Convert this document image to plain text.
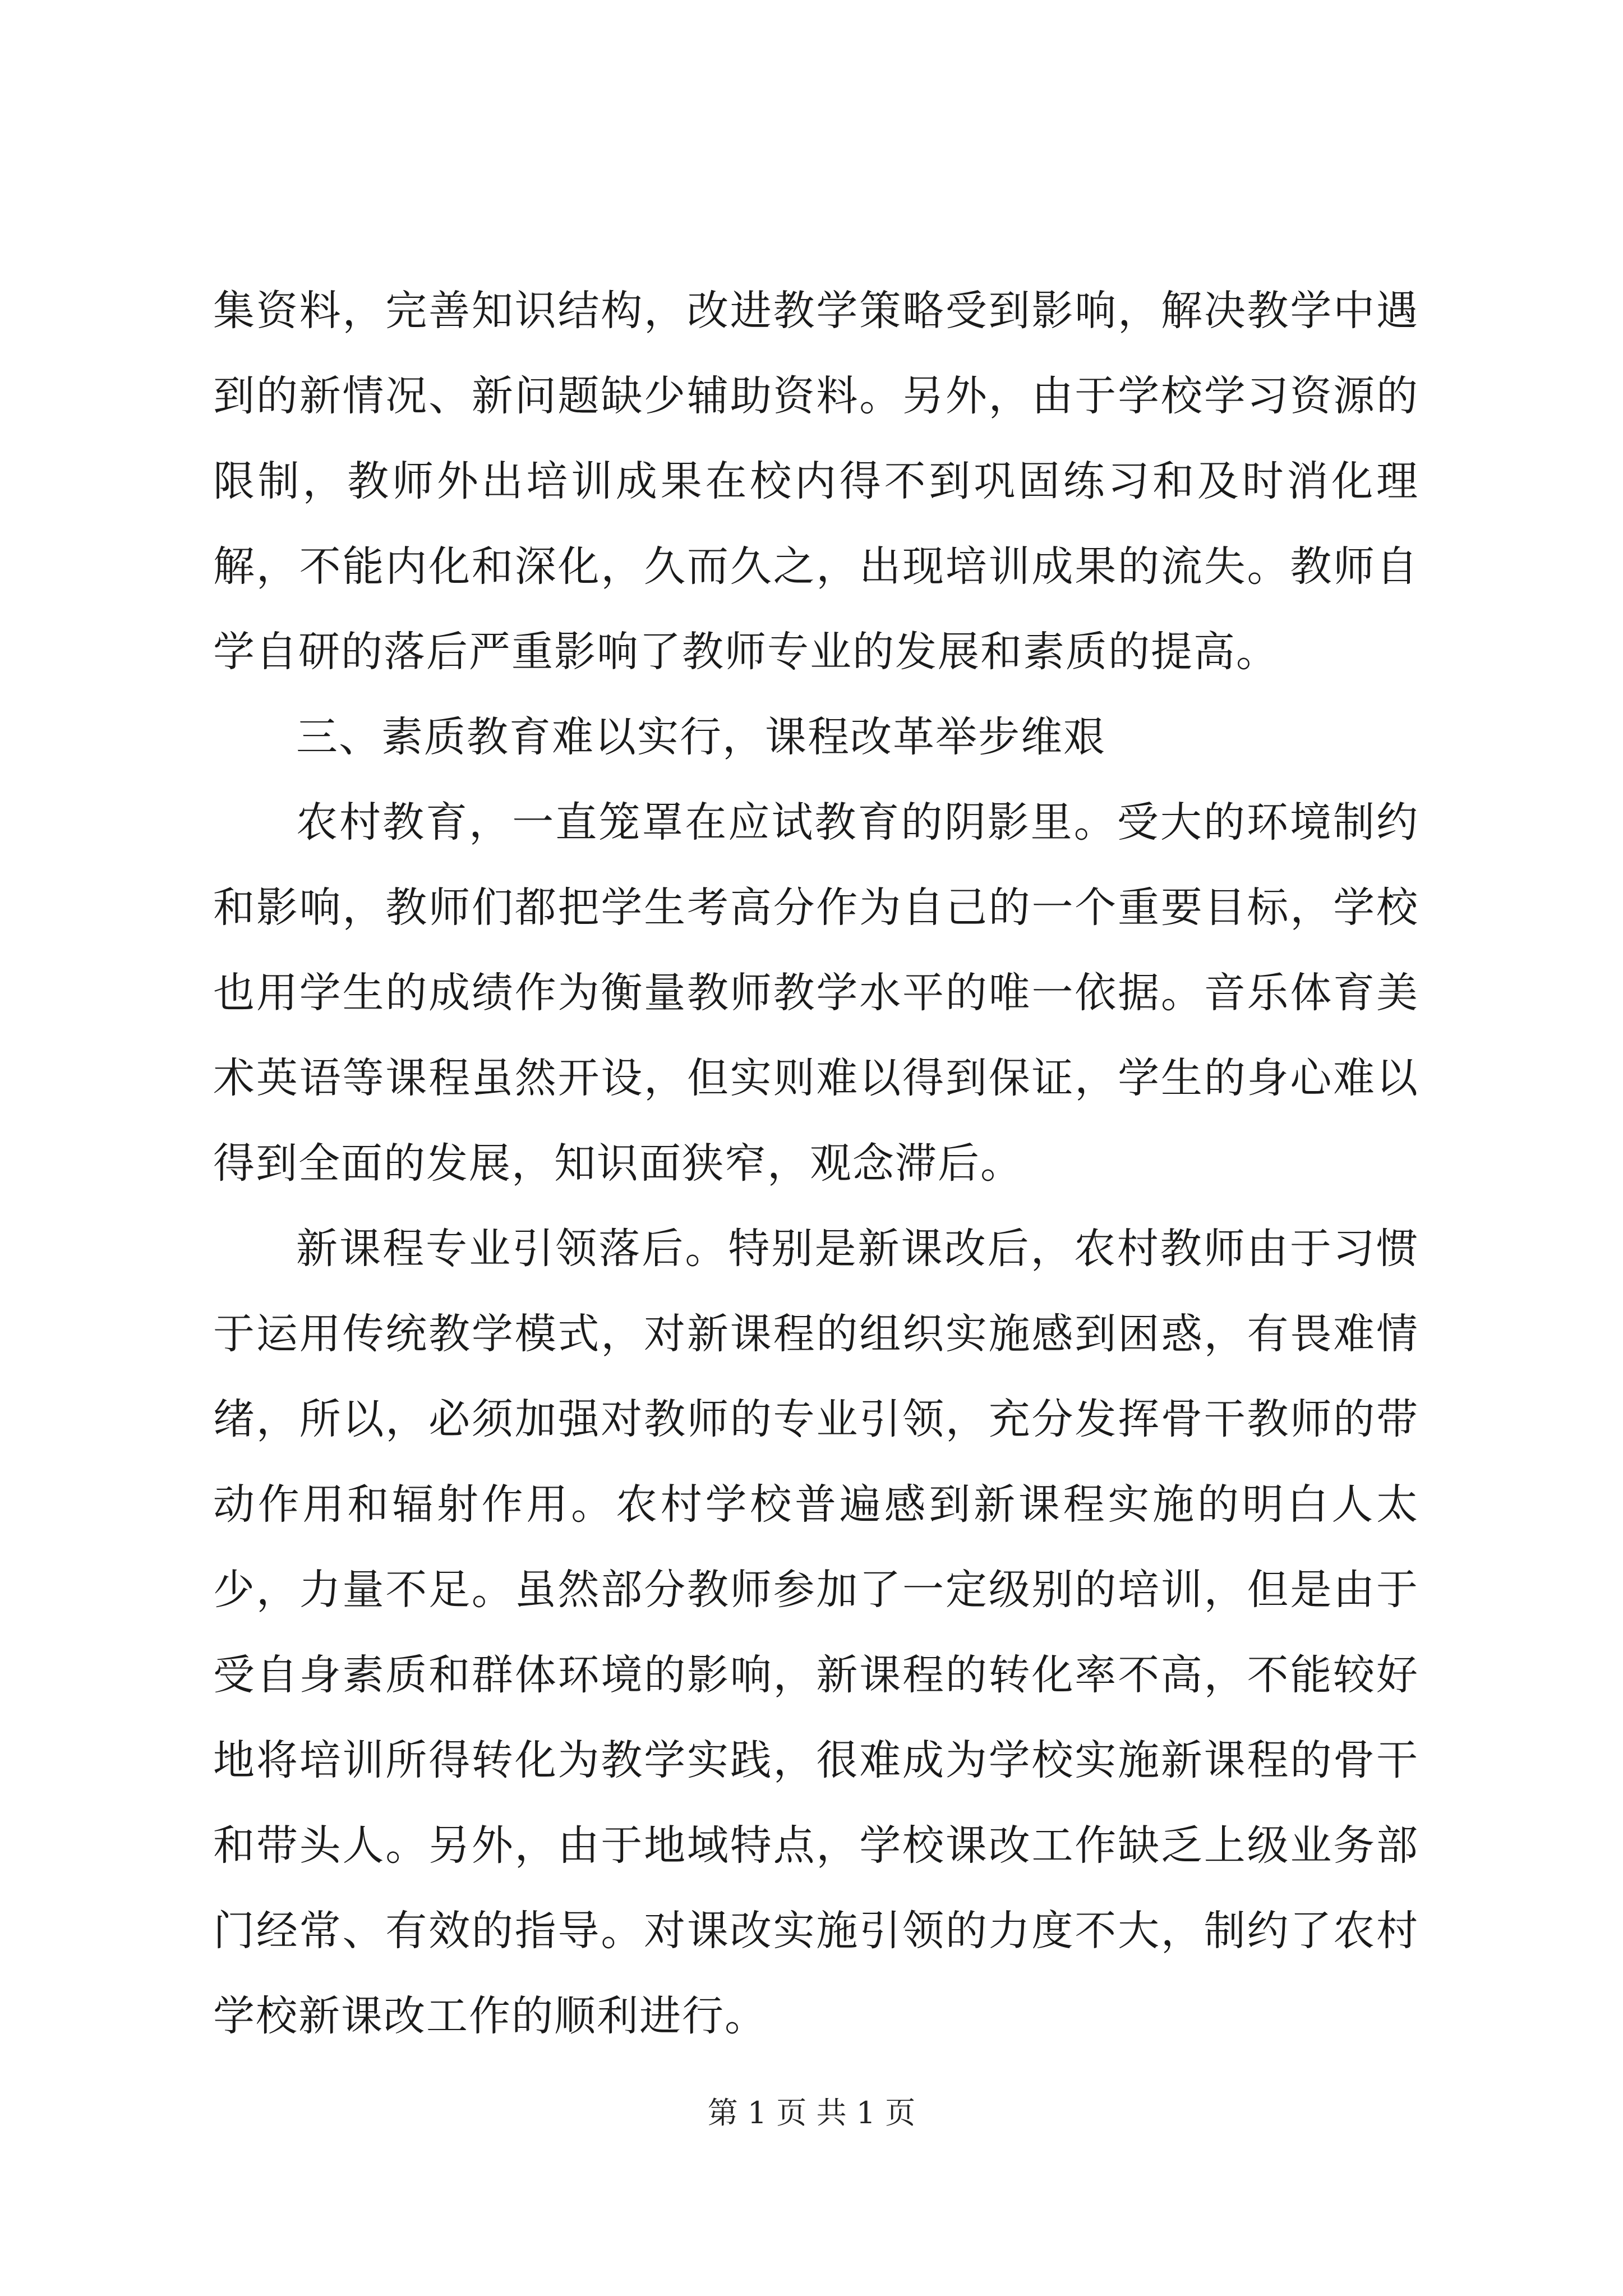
集资料，完善知识结构，改进教学策略受到影响，解决教学中遇到的新情况、新问题缺少辅助资料。另外，由于学校学习资源的限制，教师外出培训成果在校内得不到巩固练习和及时消化理解，不能内化和深化，久而久之，出现培训成果的流失。教师自学自研的落后严重影响了教师专业的发展和素质的提高。

三、素质教育难以实行，课程改革举步维艰

农村教育，一直笼罩在应试教育的阴影里。受大的环境制约和影响，教师们都把学生考高分作为自己的一个重要目标，学校也用学生的成绩作为衡量教师教学水平的唯一依据。音乐体育美术英语等课程虽然开设，但实则难以得到保证，学生的身心难以得到全面的发展，知识面狭窄，观念滞后。

新课程专业引领落后。特别是新课改后，农村教师由于习惯于运用传统教学模式，对新课程的组织实施感到困惑，有畏难情绪，所以，必须加强对教师的专业引领，充分发挥骨干教师的带动作用和辐射作用。农村学校普遍感到新课程实施的明白人太少，力量不足。虽然部分教师参加了一定级别的培训，但是由于受自身素质和群体环境的影响，新课程的转化率不高，不能较好地将培训所得转化为教学实践，很难成为学校实施新课程的骨干和带头人。另外，由于地域特点，学校课改工作缺乏上级业务部门经常、有效的指导。对课改实施引领的力度不大，制约了农村学校新课改工作的顺利进行。

第 1 页 共 1 页
